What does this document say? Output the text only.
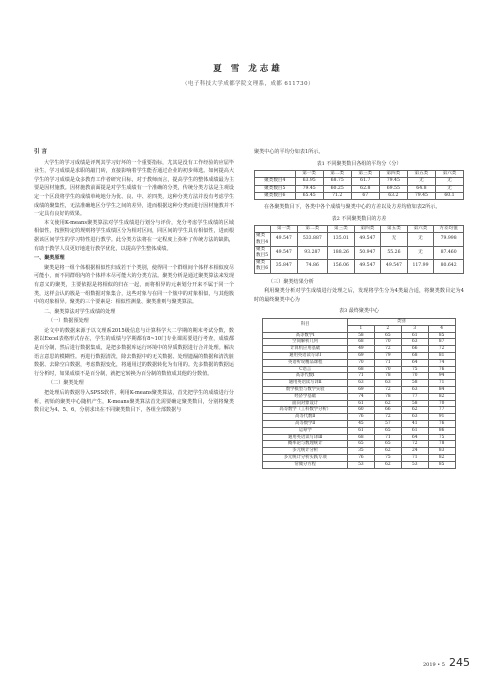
夏 雪 龙志雄
（电子科技大学成都学院文理系，成都 611730）
引 言

大学生的学习成绩是评判其学习好坏的一个重要指标，尤其是没有工作经验的应届毕业生，学习成绩是求职的敲门砖，直接影响着学生能否通过企业的初步筛选。如何提高大学生的学习成绩是众多教育工作者研究目标，对于教师而言，提高学生的整体成绩最为主要是因材施教。因材施教前面提是对学生成绩有一个准确的分类，传统分类方法是主观设定一个区段将学生的成绩单纯地分为优、良、中、差四类，这种分类方法并没有考虑学生成绩的聚集性，无法准确地区分学生之间的差异，进而根据这种分类而进行因材施教并不一定具有良好的效果。

本文使用K-means聚类算法对学生成绩进行划分与评价，充分考虑学生成绩的区域相似性，按照特定的规则将学生成绩区分为相对区间，同区间的学生具有相似性，进而根据该区间学生的学习特性进行教学。此分类方法将在一定程度上弥补了传统方法的缺陷，有助于教学人员更好地进行教学优化，以提高学生整体成绩。

一、聚类原理

聚类是将一组个体根据相似性归成若干个类别，使得同一个群组间个体样本相似度尽可能小，而不同群组内的个体样本尽可能大的分类方法。聚类分析是通过聚类算法来发现有意义的聚类，主要依据是将相似的归在一起，而将相异的元素划分开来不属于同一个类，这样会认的簇是一组数据对象集合，这些对象与在同一个簇中的对象相似，与其他簇中的对象相异。聚类的三个要素是：相似性测量、聚类准则与聚类算法。

二、聚类算法对学生成绩的处理

（一）数据预处理

论文中的数据来源于以文理系2015级信息与计算科学大二学期的期末考试分数，数据以Excel表格形式存在，学生的成绩与学期都有8~10门专业课需要进行考查，成绩都是百分制，然后进行数据集成，是把多数据库运行环境中的异质数据进行合并处理。解决语言意思的模糊性。再进行数据清洗，除去数据中的无关数据、处理遗漏的数据和清洗脏数据、去除空白数据，考虑数据变化，将通用过的数据转化为有用的。先多数据的数据运行分析时，如果成绩不是百分制，就把它转换为百分制的数值成其他的分数值。

（二）聚类处理

把处理后的数据导入SPSS软件，利用K-means聚类算法，首先把学生的成绩进行分析，初始的聚类中心随机产生，K-means聚类算法首先需要确定聚类数目，分别将聚类数目定为4、5、6，分别求出在不同聚类数目下，各组全部数据与

聚类中心的平均分如表1所示。

表1 不同聚类数目各组的平均分（分）
	第一类	第二类	第三类	第四类	第五类	第六类
聚类数目4	63.95	68.75	61.7	79.45	无	无
聚类数目5	79.45	60.25	62.8	69.55	64.8	无
聚类数目6	65.45	71.2	67	63.2	79.45	60.1

在各聚类数目下，各类中各个成绩与聚类中心的方差以及方差均值如表2所示。

表2 不同聚类数目的方差
	第一类	第二类	第三类	第四类	第五类	第六类	方差均值
聚类数目4	49.547	533.887	135.01	49.547	无	无	79.998
聚类数目5	49.547	93.287	188.26	50.947	55.26	无	87.460
聚类数目6	35.847	74.86	156.06	49.547	49.547	117.99	80.642

（三）聚类结果分析

利用聚类分析对学生成绩进行处理之后，发现将学生分为4类最合适，将聚类数目定为4时的最终聚类中心为

表3 最终聚类中心
科目	类别			
	1	2	3	4
高等数学Ⅰ	58	65	61	85
空间解析几何	68	70	63	87
计算机应用基础	49	72	66	72
通用英语读写译Ⅰ	69	79	68	81
英语听说精品课程	70	71	64	74
C语言	68	70	75	76
高等代数Ⅰ	71	78	70	94
通用英语读写译Ⅱ	63	63	58	71
数学模型与数学实验	69	72	63	84
经济学基础	74	78	77	82
面向对象设计	61	62	58	70
高等数学（工科数学分析）	60	66	62	77
高等代数Ⅱ	76	72	63	91
高等数学Ⅱ	45	57	41	76
运筹学	61	65	61	86
通用英语读写译Ⅲ	68	71	64	75
概率论与数理统计	65	65	72	78
多元统计分析	35	62	24	83
多元统计分析实践专项	76	75	71	82
常微分方程	53	62	53	85
2019 • 5 245
